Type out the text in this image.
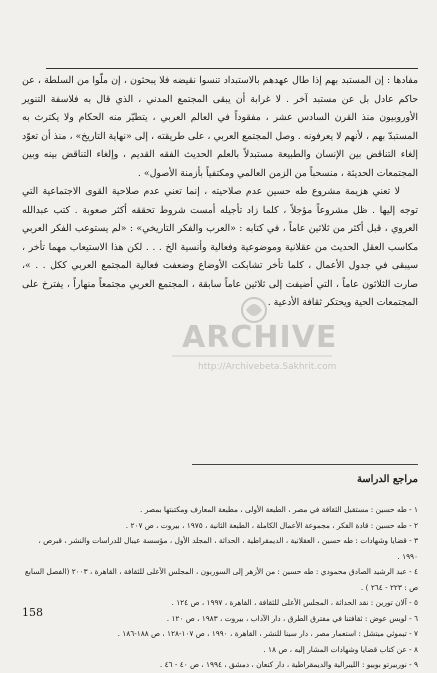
مفادها : إن المستبد بهم إذا طال عهدهم بالاستبداد تنسوا نقيضه فلا يبحثون ، إن ملّوا من السلطة ، عن حاكم عادل بل عن مستبد آخر . لا غرابة أن يبقى المجتمع المدني ، الذي قال به فلاسفة التنوير الأوروبيون منذ القرن السادس عشر ، مفقوداً في العالم العربي ، يتطيّر منه الحكام ولا يكترث به المستبدّ بهم ، لأنهم لا يعرفونه . وصل المجتمع العربي ، على طريقته ، إلى «نهاية التاريخ» ، منذ أن تعوّد إلغاء التناقض بين الإنسان والطبيعة مستبدلاً بالعلم الحديث الفقه القديم ، وإلغاء التناقض بينه وبين المجتمعات الحديثة ، منسحباً من الزمن العالمي ومكتفياً بأزمنة الأصول» .

لا تعني هزيمة مشروع طه حسين عدم صلاحيته ، إنما تعني عدم صلاحية القوى الاجتماعية التي توجه إليها . ظل مشروعاً مؤجلاً ، كلما زاد تأجيله أمست شروط تحققه أكثر صعوبة . كتب عبدالله العروي ، قبل أكثر من ثلاثين عاماً ، في كتابه : «العرب والفكر التاريخي» : «لم يستوعب الفكر العربي مكاسب العقل الحديث من عقلانية وموضوعية وفعالية وأنسية الخ . . . لكن هذا الاستيعاب مهما تأخر ، سيبقى في جدول الأعمال ، كلما تأخر تشابكت الأوضاع وضعفت فعالية المجتمع العربي ككل . . »، صارت الثلاثون عاماً ، التي أضيفت إلى ثلاثين عاماً سابقة ، المجتمع العربي مجتمعاً منهاراً ، يفترخ على المجتمعات الحية ويحتكر ثقافة الأدعية .

ARCHIVE
http://Archivebeta.Sakhrit.com
مراجع الدراسة
١ - طه حسين : مستقبل الثقافة في مصر ، الطبعة الأولى ، مطبعة المعارف ومكتبتها بمصر .
٢ - طه حسين : قادة الفكر ، مجموعة الأعمال الكاملة ، الطبعة الثانية ، ١٩٧٥ ، بيروت ، ص ٢٠٧ .
٣ - قضايا وشهادات : طه حسين ، العقلانية ، الديمقراطية ، الحداثة ، المجلد الأول ، مؤسسة عيبال للدراسات والنشر ، قبرص ، ١٩٩٠ .
٤ - عبد الرشيد الصادق محمودي : طه حسين : من الأزهر إلى السوربون ، المجلس الأعلى للثقافة ، القاهرة ، ٢٠٠٣ (الفصل السابع ص : ٢٢٣ - ٢٦٤ ) .
٥ - آلان تورين : نقد الحداثة ، المجلس الأعلى للثقافة ، القاهرة ، ١٩٩٧ ، ص ١٢٤ .
٦ - لويس عوض : ثقافتنا في مفترق الطرق ، دار الآداب ، بيروت ، ١٩٨٣ ، ص ١٢٠ .
٧ - تيموثي ميتشل : استعمار مصر ، دار سينا للنشر ، القاهرة ، ١٩٩٠ ، ص ١٠٧-١٢٨ ، ص ١٨٨-١٨٦ .
٨ - عن كتاب قضايا وشهادات المشار إليه ، ص ١٨ .
٩ - نوربيرتو بوبيو : الليبرالية والديمقراطية ، دار كنعان ، دمشق ، ١٩٩٤ ، ص ٤٠ - ٤٦ .
158
